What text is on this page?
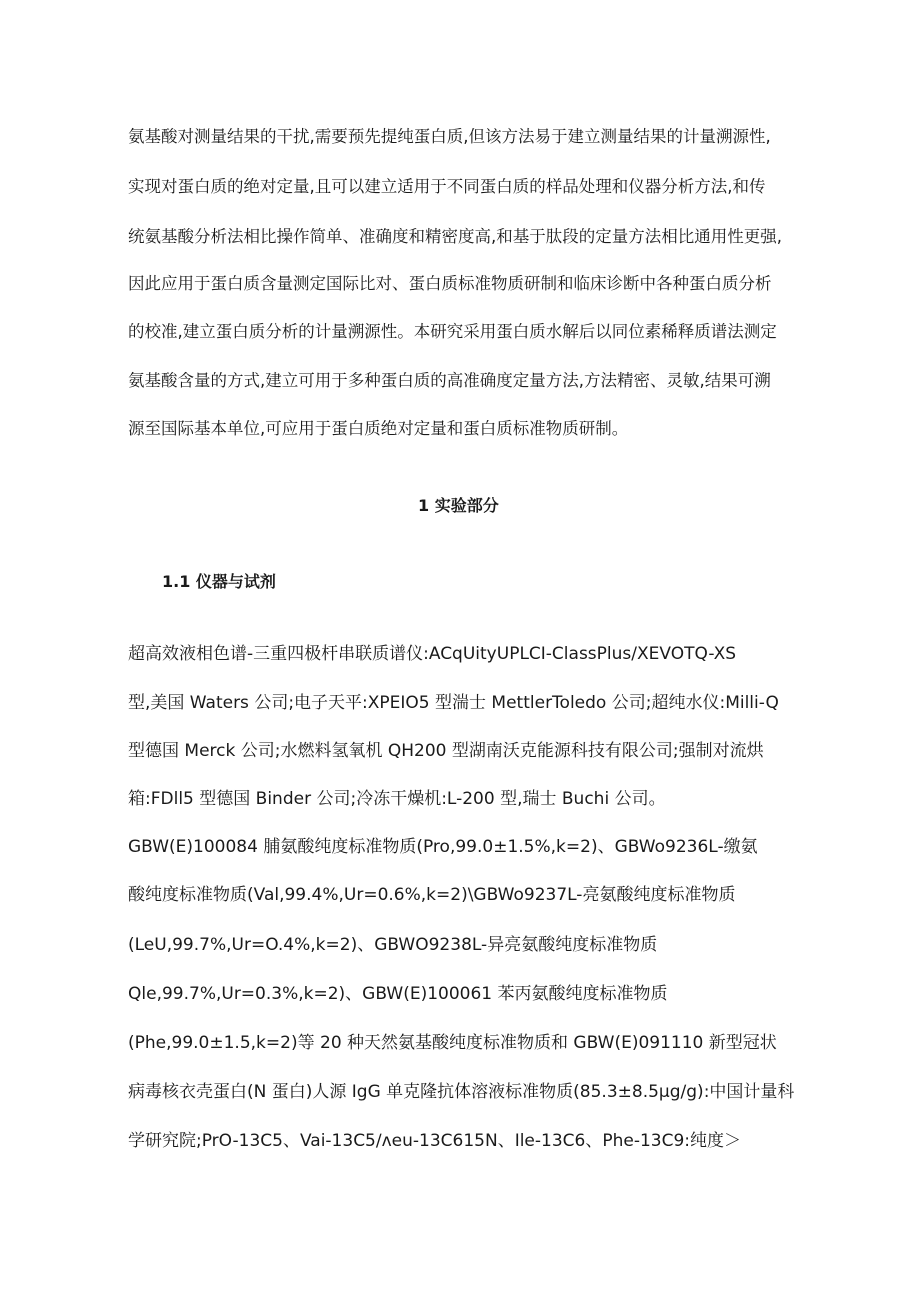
氨基酸对测量结果的干扰,需要预先提纯蛋白质,但该方法易于建立测量结果的计量溯源性,
实现对蛋白质的绝对定量,且可以建立适用于不同蛋白质的样品处理和仪器分析方法,和传
统氨基酸分析法相比操作简单、准确度和精密度高,和基于肽段的定量方法相比通用性更强,
因此应用于蛋白质含量测定国际比对、蛋白质标准物质研制和临床诊断中各种蛋白质分析
的校准,建立蛋白质分析的计量溯源性。本研究采用蛋白质水解后以同位素稀释质谱法测定
氨基酸含量的方式,建立可用于多种蛋白质的高准确度定量方法,方法精密、灵敏,结果可溯
源至国际基本单位,可应用于蛋白质绝对定量和蛋白质标准物质研制。
1 实验部分
1.1 仪器与试剂
超高效液相色谱-三重四极杆串联质谱仪:ACqUityUPLCI-ClassPlus/XEVOTQ-XS
型,美国 Waters 公司;电子天平:XPEIO5 型湍士 MettlerToledo 公司;超纯水仪:Milli-Q
型德国 Merck 公司;水燃料氢氧机 QH200 型湖南沃克能源科技有限公司;强制对流烘
箱:FDll5 型德国 Binder 公司;冷冻干燥机:L-200 型,瑞士 Buchi 公司。
GBW(E)100084 脯氨酸纯度标准物质(Pro,99.0±1.5%,k=2)、GBWo9236L-缴氨
酸纯度标准物质(Val,99.4%,Ur=0.6%,k=2)\GBWo9237L-亮氨酸纯度标准物质
(LeU,99.7%,Ur=O.4%,k=2)、GBWO9238L-异亮氨酸纯度标准物质
Qle,99.7%,Ur=0.3%,k=2)、GBW(E)100061 苯丙氨酸纯度标准物质
(Phe,99.0±1.5,k=2)等 20 种天然氨基酸纯度标准物质和 GBW(E)091110 新型冠状
病毒核衣壳蛋白(N 蛋白)人源 IgG 单克隆抗体溶液标准物质(85.3±8.5μg∕g):中国计量科
学研究院;PrO-13C5、Vai-13C5∕ʌeu-13C615N、Ile-13C6、Phe-13C9:纯度＞
